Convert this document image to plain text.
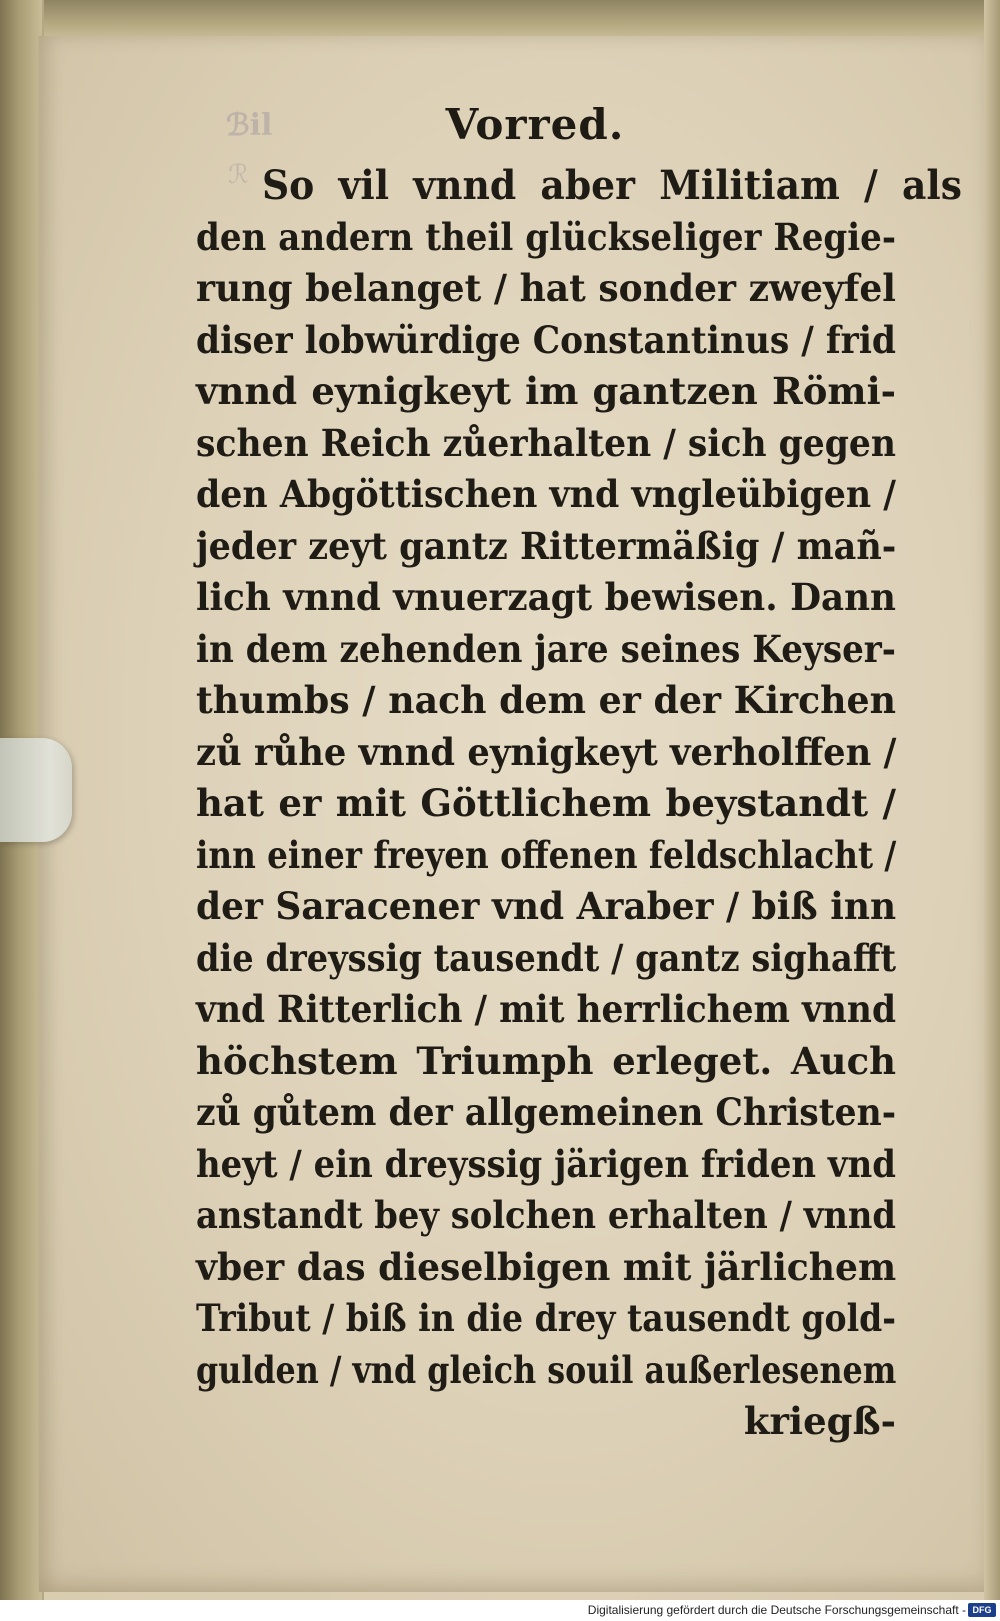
ℬil
ℛ
Vorred.
So vil vnnd aber Militiam / als
den andern theil glückseliger Regie-
rung belanget / hat sonder zweyfel
diser lobwürdige Constantinus / frid
vnnd eynigkeyt im gantzen Römi-
schen Reich zůerhalten / sich gegen
den Abgöttischen vnd vngleübigen /
jeder zeyt gantz Rittermäßig / mañ-
lich vnnd vnuerzagt bewisen. Dann
in dem zehenden jare seines Keyser-
thumbs / nach dem er der Kirchen
zů růhe vnnd eynigkeyt verholffen /
hat er mit Göttlichem beystandt /
inn einer freyen offenen feldschlacht /
der Saracener vnd Araber / biß inn
die dreyssig tausendt / gantz sighafft
vnd Ritterlich / mit herrlichem vnnd
höchstem Triumph erleget. Auch
zů gůtem der allgemeinen Christen-
heyt / ein dreyssig järigen friden vnd
anstandt bey solchen erhalten / vnnd
vber das dieselbigen mit järlichem
Tribut / biß in die drey tausendt gold-
gulden / vnd gleich souil außerlesenem
kriegß-
Digitalisierung gefördert durch die Deutsche Forschungsgemeinschaft - DFG
